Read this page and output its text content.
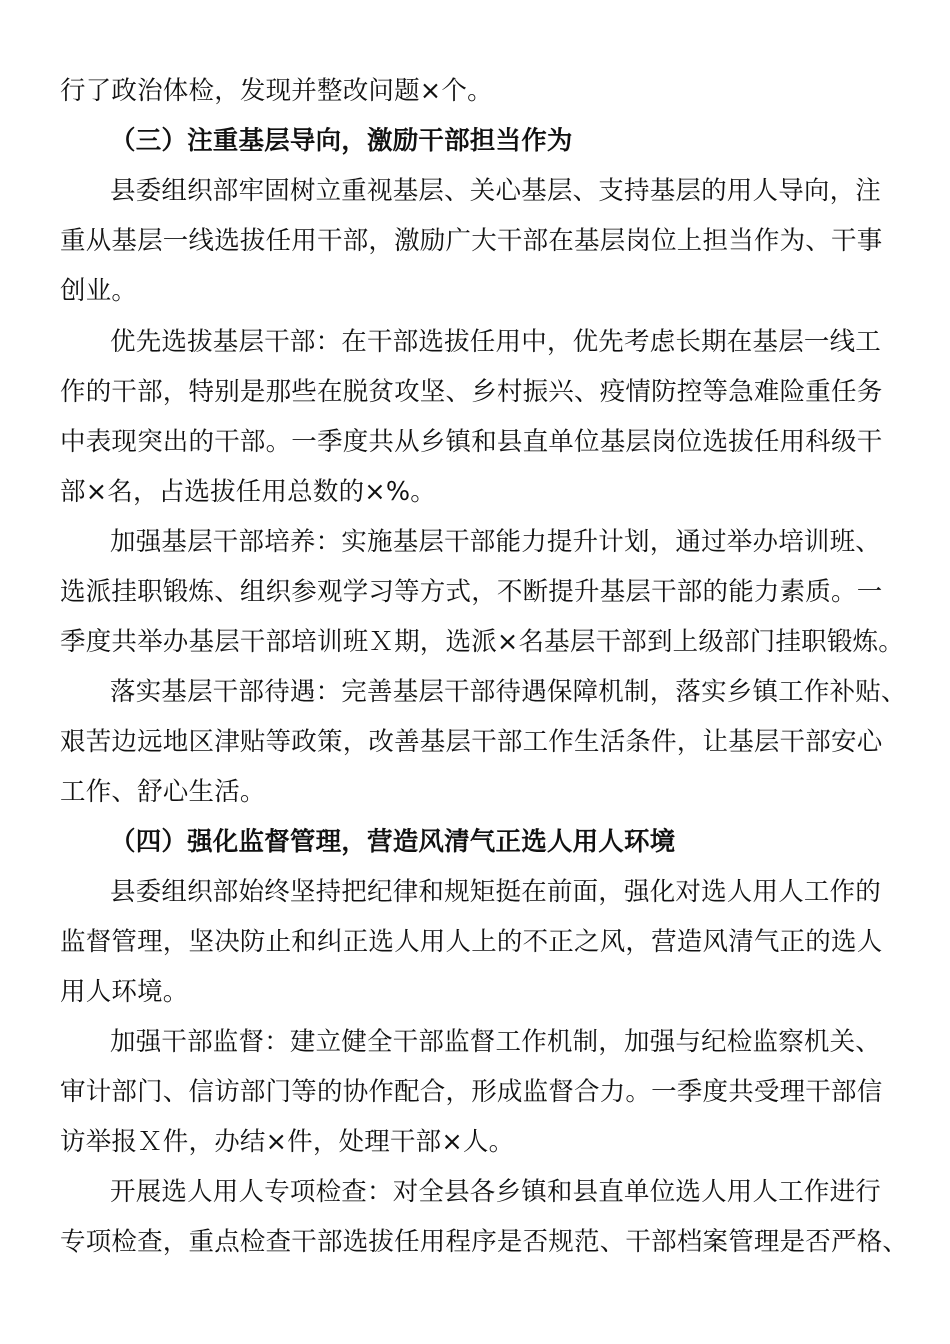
行了政治体检，发现并整改问题×个。
（三）注重基层导向，激励干部担当作为
县委组织部牢固树立重视基层、关心基层、支持基层的用人导向，注
重从基层一线选拔任用干部，激励广大干部在基层岗位上担当作为、干事
创业。
优先选拔基层干部：在干部选拔任用中，优先考虑长期在基层一线工
作的干部，特别是那些在脱贫攻坚、乡村振兴、疫情防控等急难险重任务
中表现突出的干部。一季度共从乡镇和县直单位基层岗位选拔任用科级干
部×名，占选拔任用总数的×%。
加强基层干部培养：实施基层干部能力提升计划，通过举办培训班、
选派挂职锻炼、组织参观学习等方式，不断提升基层干部的能力素质。一
季度共举办基层干部培训班Ｘ期，选派×名基层干部到上级部门挂职锻炼。
落实基层干部待遇：完善基层干部待遇保障机制，落实乡镇工作补贴、
艰苦边远地区津贴等政策，改善基层干部工作生活条件，让基层干部安心
工作、舒心生活。
（四）强化监督管理，营造风清气正选人用人环境
县委组织部始终坚持把纪律和规矩挺在前面，强化对选人用人工作的
监督管理，坚决防止和纠正选人用人上的不正之风，营造风清气正的选人
用人环境。
加强干部监督：建立健全干部监督工作机制，加强与纪检监察机关、
审计部门、信访部门等的协作配合，形成监督合力。一季度共受理干部信
访举报Ｘ件，办结×件，处理干部×人。
开展选人用人专项检查：对全县各乡镇和县直单位选人用人工作进行
专项检查，重点检查干部选拔任用程序是否规范、干部档案管理是否严格、
